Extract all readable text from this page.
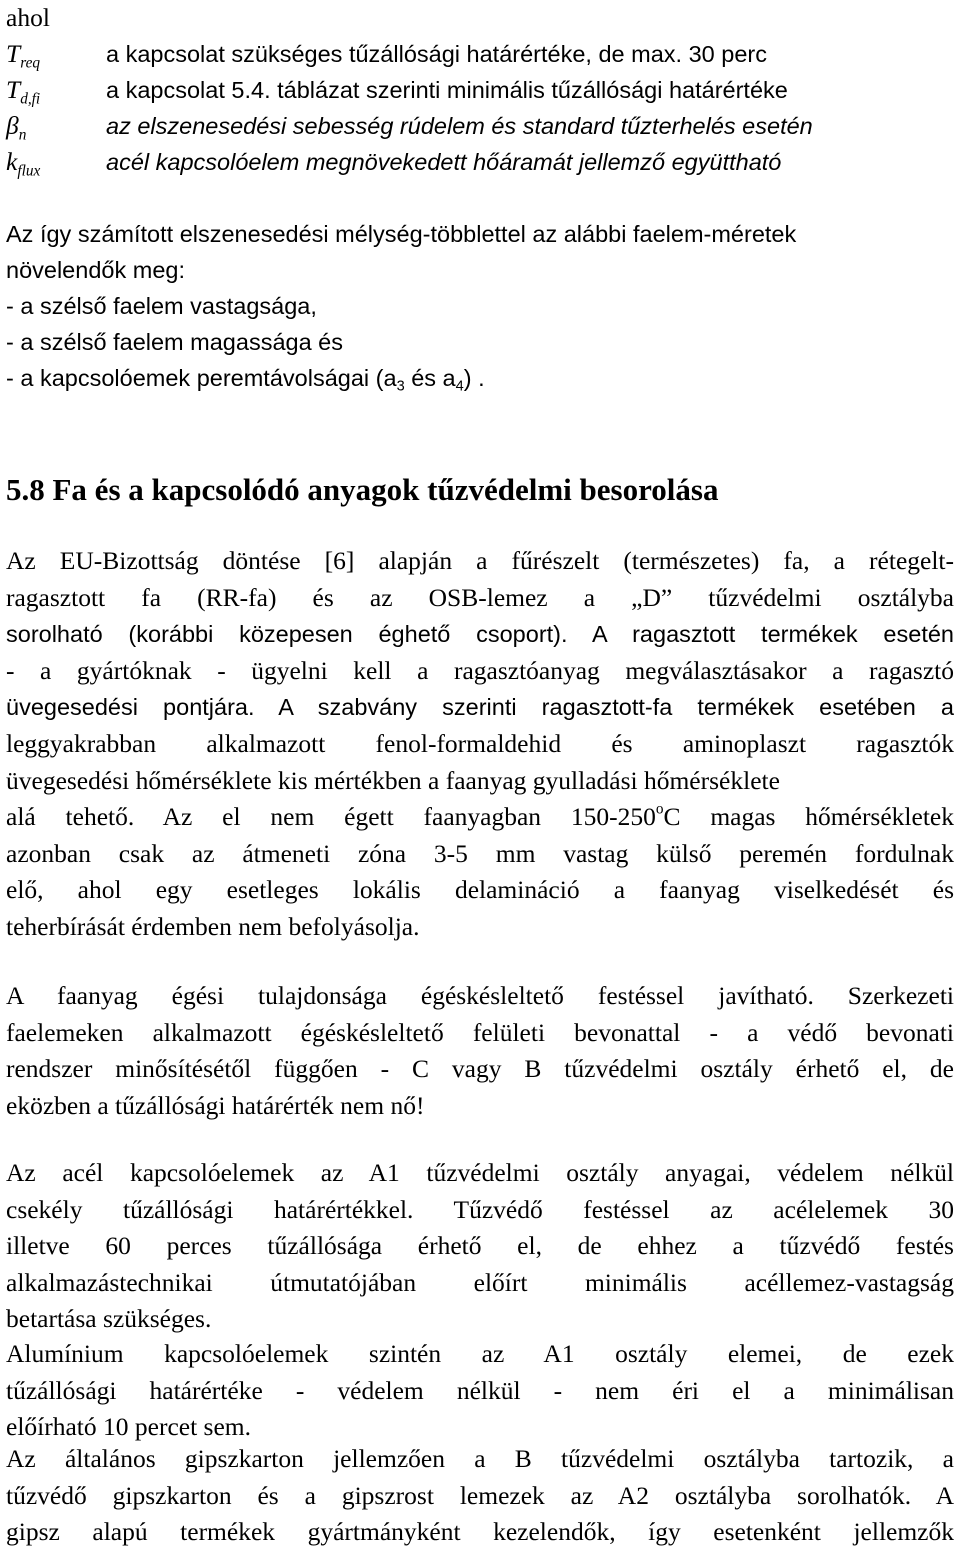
ahol
$T_{req}$	a kapcsolat szükséges tűzállósági határértéke, de max. 30 perc
$T_{d,fi}$	a kapcsolat 5.4. táblázat szerinti minimális tűzállósági határértéke
$\beta_n$	az elszenesedési sebesség rúdelem és standard tűzterhelés esetén
$k_{flux}$	acél kapcsolóelem megnövekedett hőáramát jellemző együttható
Az így számított elszenesedési mélység-többlettel az alábbi faelem-méretek
növelendők meg:
- a szélső faelem vastagsága,
- a szélső faelem magassága és
- a kapcsolóemek peremtávolságai ($a_3$ és $a_4$) .
5.8 Fa és a kapcsolódó anyagok tűzvédelmi besorolása
Az EU-Bizottság döntése [6] alapján a fűrészelt (természetes) fa, a rétegelt-
ragasztott fa (RR-fa) és az OSB-lemez a „D” tűzvédelmi osztályba
sorolható (korábbi közepesen éghető csoport). A ragasztott termékek esetén
- a gyártóknak - ügyelni kell a ragasztóanyag megválasztásakor a ragasztó
üvegesedési pontjára. A szabvány szerinti ragasztott-fa termékek esetében a
leggyakrabban alkalmazott fenol-formaldehid és aminoplaszt ragasztók
üvegesedési hőmérséklete kis mértékben a faanyag gyulladási hőmérséklete
alá tehető. Az el nem égett faanyagban 150-250$^o$C magas hőmérsékletek
azonban csak az átmeneti zóna 3-5 mm vastag külső peremén fordulnak
elő, ahol egy esetleges lokális delamináció a faanyag viselkedését és
teherbírását érdemben nem befolyásolja.
A faanyag égési tulajdonsága égéskésleltető festéssel javítható. Szerkezeti
faelemeken alkalmazott égéskésleltető felületi bevonattal - a védő bevonati
rendszer minősítésétől függően - C vagy B tűzvédelmi osztály érhető el, de
eközben a tűzállósági határérték nem nő!
Az acél kapcsolóelemek az A1 tűzvédelmi osztály anyagai, védelem nélkül
csekély tűzállósági határértékkel. Tűzvédő festéssel az acélelemek 30
illetve 60 perces tűzállósága érhető el, de ehhez a tűzvédő festés
alkalmazástechnikai útmutatójában előírt minimális acéllemez-vastagság
betartása szükséges.
Alumínium kapcsolóelemek szintén az A1 osztály elemei, de ezek
tűzállósági határértéke - védelem nélkül - nem éri el a minimálisan
előírható 10 percet sem.
Az általános gipszkarton jellemzően a B tűzvédelmi osztályba tartozik, a
tűzvédő gipszkarton és a gipszrost lemezek az A2 osztályba sorolhatók. A
gipsz alapú termékek gyártmányként kezelendők, így esetenként jellemzők
